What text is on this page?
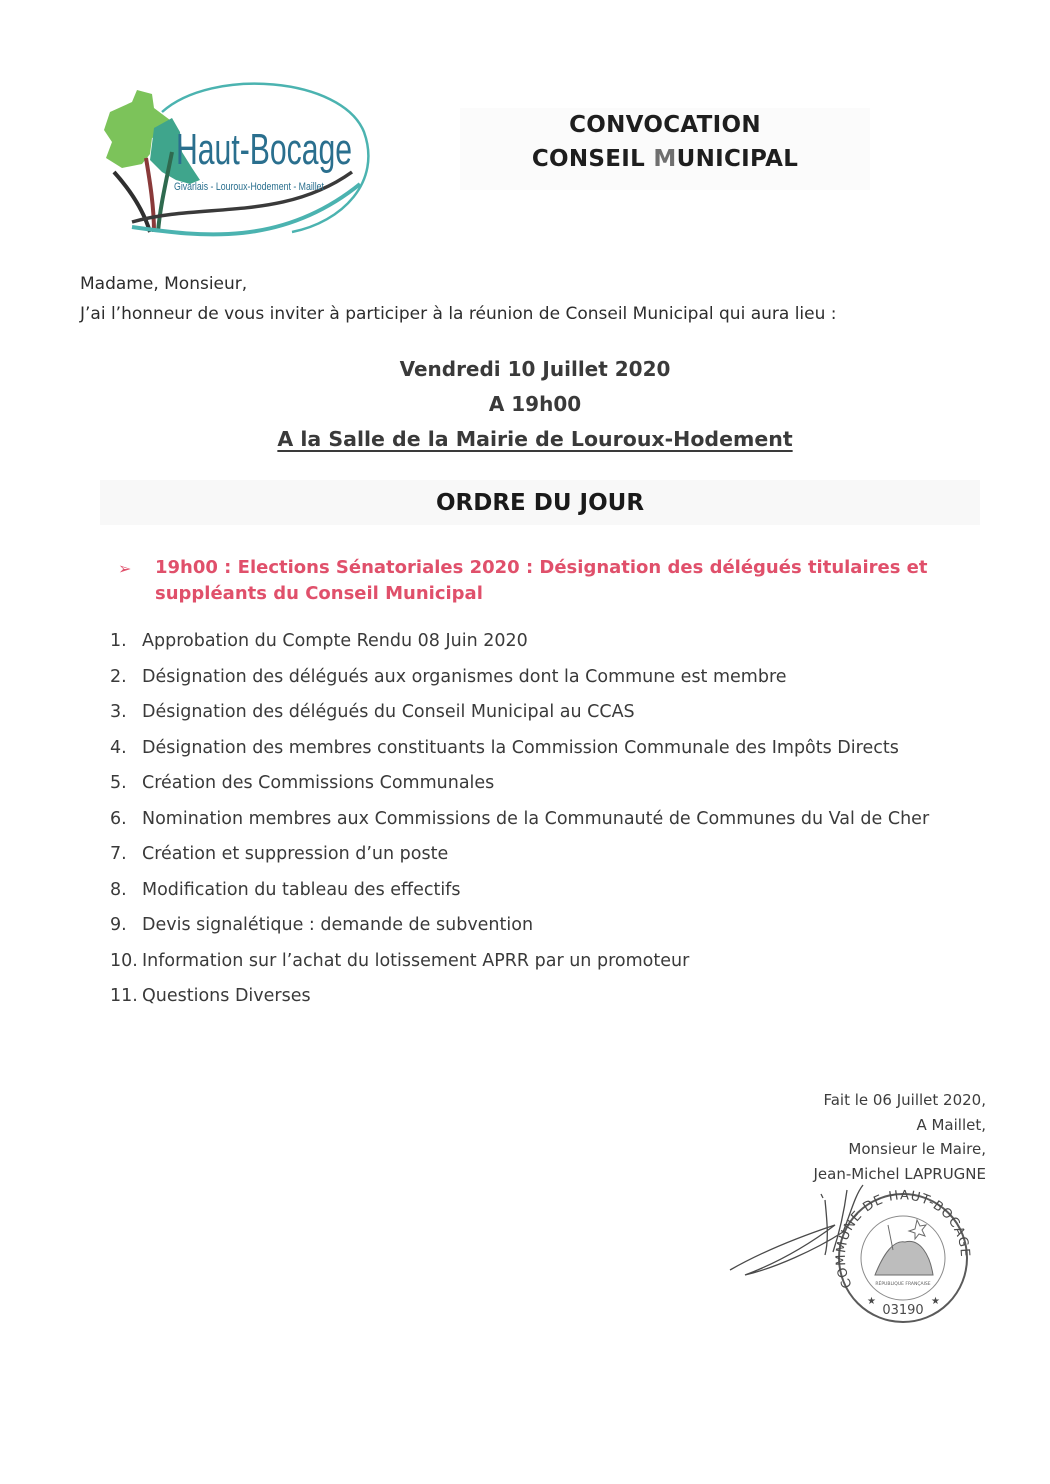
Haut-Bocage
Givarlais - Louroux-Hodement - Maillet
CONVOCATION
CONSEIL MUNICIPAL
Madame, Monsieur,
J’ai l’honneur de vous inviter à participer à la réunion de Conseil Municipal qui aura lieu :
Vendredi 10 Juillet 2020
A 19h00
A la Salle de la Mairie de Louroux-Hodement
ORDRE DU JOUR
➢ 19h00 : Elections Sénatoriales 2020 : Désignation des délégués titulaires et suppléants du Conseil Municipal
1. Approbation du Compte Rendu 08 Juin 2020
2. Désignation des délégués aux organismes dont la Commune est membre
3. Désignation des délégués du Conseil Municipal au CCAS
4. Désignation des membres constituants la Commission Communale des Impôts Directs
5. Création des Commissions Communales
6. Nomination membres aux Commissions de la Communauté de Communes du Val de Cher
7. Création et suppression d’un poste
8. Modification du tableau des effectifs
9. Devis signalétique : demande de subvention
10. Information sur l’achat du lotissement APRR par un promoteur
11. Questions Diverses
Fait le 06 Juillet 2020,
A Maillet,
Monsieur le Maire,
Jean-Michel LAPRUGNE
COMMUNE DE HAUT-BOCAGE
RÉPUBLIQUE FRANÇAISE
03190
★	★
